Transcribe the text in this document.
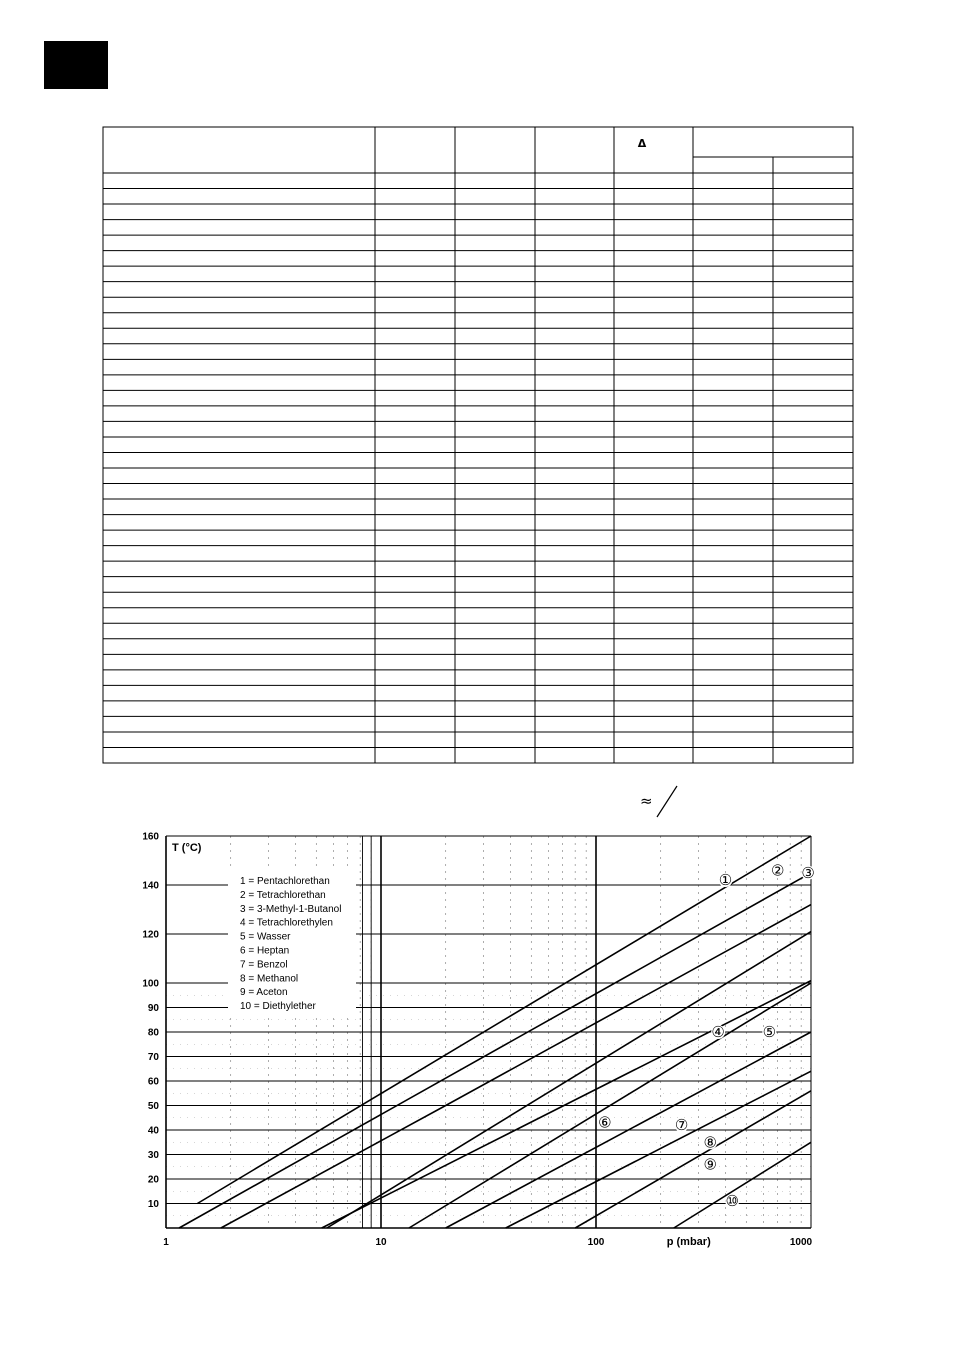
Δ
≈
1	10	100	1000
10
20
30
40
50
60
70
80
90
100
120
140
160
①
② ③
④	⑤
⑥	⑦
⑧
⑨
⑩
1 = Pentachlorethan
2 = Tetrachlorethan
3 = 3-Methyl-1-Butanol
4 = Tetrachlorethylen
5 = Wasser
6 = Heptan
7 = Benzol
8 = Methanol
9 = Aceton
10 = Diethylether
T (°C)
p (mbar)
